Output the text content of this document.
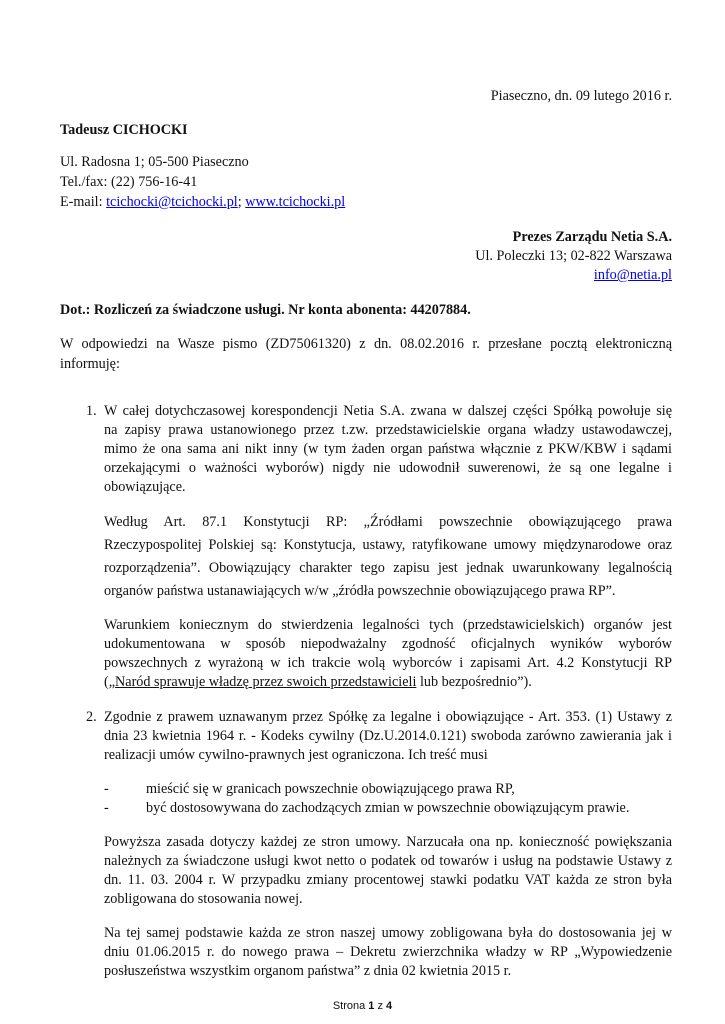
Piaseczno, dn. 09 lutego 2016 r.

Tadeusz CICHOCKI

Ul. Radosna 1; 05-500 Piaseczno

Tel./fax: (22) 756-16-41

E-mail: tcichocki@tcichocki.pl; www.tcichocki.pl

Prezes Zarządu Netia S.A.

Ul. Poleczki 13; 02-822 Warszawa

info@netia.pl

Dot.: Rozliczeń za świadczone usługi. Nr konta abonenta: 44207884.

W odpowiedzi na Wasze pismo (ZD75061320) z dn. 08.02.2016 r. przesłane pocztą elektroniczną

informuję:

1. W całej dotychczasowej korespondencji Netia S.A. zwana w dalszej części Spółką powołuje się

na zapisy prawa ustanowionego przez t.zw. przedstawicielskie organa władzy ustawodawczej,

mimo że ona sama ani nikt inny (w tym żaden organ państwa włącznie z PKW/KBW i sądami

orzekającymi o ważności wyborów) nigdy nie udowodnił suwerenowi, że są one legalne i

obowiązujące.

Według Art. 87.1 Konstytucji RP: „Źródłami powszechnie obowiązującego prawa

Rzeczypospolitej Polskiej są: Konstytucja, ustawy, ratyfikowane umowy międzynarodowe oraz

rozporządzenia”. Obowiązujący charakter tego zapisu jest jednak uwarunkowany legalnością

organów państwa ustanawiających w/w „źródła powszechnie obowiązującego prawa RP”.

Warunkiem koniecznym do stwierdzenia legalności tych (przedstawicielskich) organów jest

udokumentowana w sposób niepodważalny zgodność oficjalnych wyników wyborów

powszechnych z wyrażoną w ich trakcie wolą wyborców i zapisami Art. 4.2 Konstytucji RP

(„Naród sprawuje władzę przez swoich przedstawicieli lub bezpośrednio”).

2. Zgodnie z prawem uznawanym przez Spółkę za legalne i obowiązujące - Art. 353. (1) Ustawy z

dnia 23 kwietnia 1964 r. - Kodeks cywilny (Dz.U.2014.0.121) swoboda zarówno zawierania jak i

realizacji umów cywilno-prawnych jest ograniczona. Ich treść musi

-	mieścić się w granicach powszechnie obowiązującego prawa RP,

-	być dostosowywana do zachodzących zmian w powszechnie obowiązującym prawie.

Powyższa zasada dotyczy każdej ze stron umowy. Narzucała ona np. konieczność powiększania

należnych za świadczone usługi kwot netto o podatek od towarów i usług na podstawie Ustawy z

dn. 11. 03. 2004 r. W przypadku zmiany procentowej stawki podatku VAT każda ze stron była

zobligowana do stosowania nowej.

Na tej samej podstawie każda ze stron naszej umowy zobligowana była do dostosowania jej w

dniu 01.06.2015 r. do nowego prawa – Dekretu zwierzchnika władzy w RP „Wypowiedzenie

posłuszeństwa wszystkim organom państwa” z dnia 02 kwietnia 2015 r.

Strona 1 z 4
